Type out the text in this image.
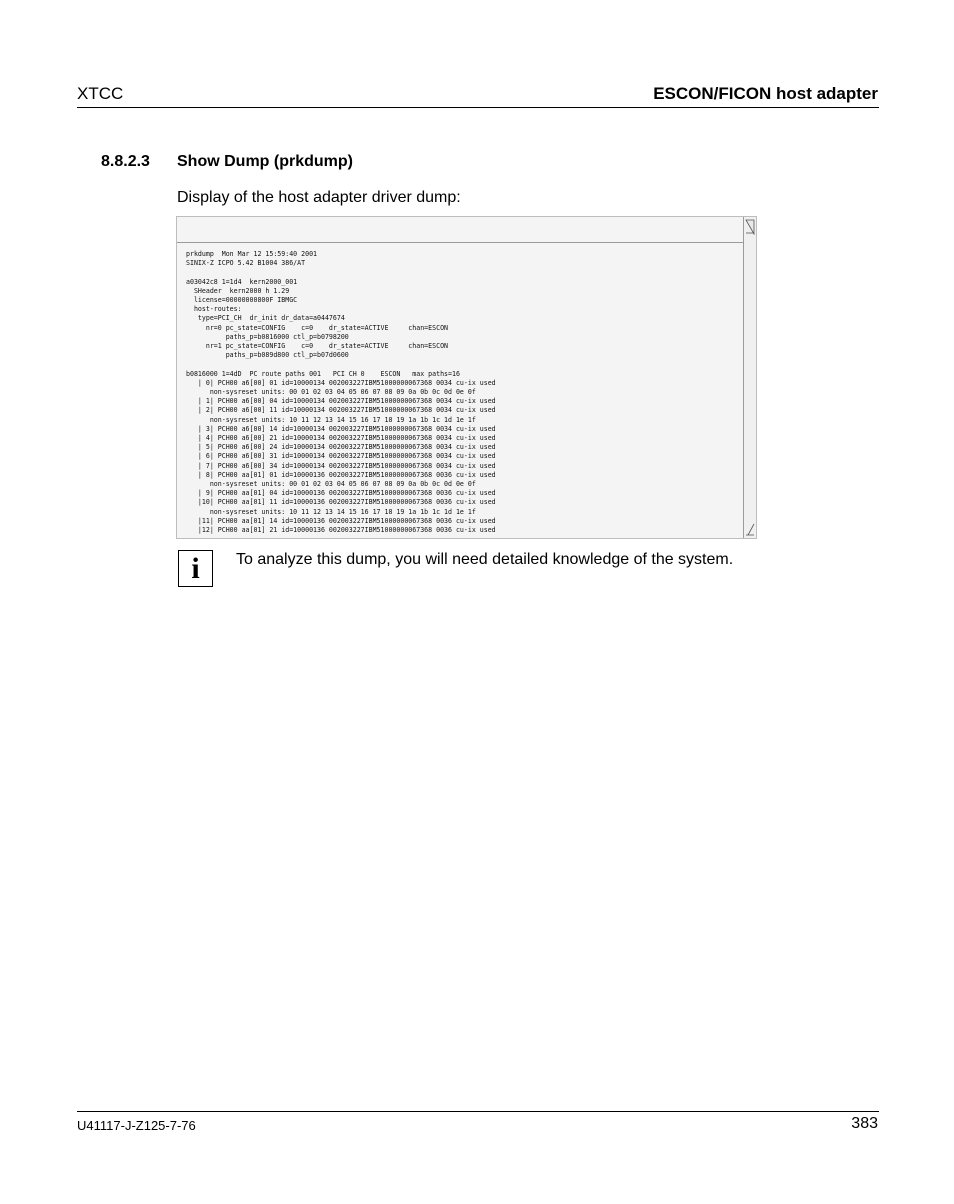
XTCC	ESCON/FICON host adapter
8.8.2.3 Show Dump (prkdump)
Display of the host adapter driver dump:
prkdump  Mon Mar 12 15:59:40 2001
SINIX-Z ICPO 5.42 B1004 386/AT

a03042c8 1=1d4  kern2000_001
SHeader  kern2000 h 1.29
license=00000000800F IBMGC
host-routes:
type=PCI_CH  dr_init dr_data=a0447674
nr=0 pc_state=CONFIG    c=0    dr_state=ACTIVE     chan=ESCON
paths_p=b0816000 ctl_p=b0798200
nr=1 pc_state=CONFIG    c=0    dr_state=ACTIVE     chan=ESCON
paths_p=b089d800 ctl_p=b07d0600

b0816000 1=4dD  PC route paths 001   PCI CH 0    ESCON   max paths=16
| 0| PCH00 a6[00] 01 id=10000134 002003227IBM51000000067368 0034 cu-ix used
non-sysreset units: 00 01 02 03 04 05 06 07 08 09 0a 0b 0c 0d 0e 0f
| 1| PCH00 a6[00] 04 id=10000134 002003227IBM51000000067368 0034 cu-ix used
| 2| PCH00 a6[00] 11 id=10000134 002003227IBM51000000067368 0034 cu-ix used
non-sysreset units: 10 11 12 13 14 15 16 17 18 19 1a 1b 1c 1d 1e 1f
| 3| PCH00 a6[00] 14 id=10000134 002003227IBM51000000067368 0034 cu-ix used
| 4| PCH00 a6[00] 21 id=10000134 002003227IBM51000000067368 0034 cu-ix used
| 5| PCH00 a6[00] 24 id=10000134 002003227IBM51000000067368 0034 cu-ix used
| 6| PCH00 a6[00] 31 id=10000134 002003227IBM51000000067368 0034 cu-ix used
| 7| PCH00 a6[00] 34 id=10000134 002003227IBM51000000067368 0034 cu-ix used
| 8| PCH00 aa[01] 01 id=10000136 002003227IBM51000000067368 0036 cu-ix used
non-sysreset units: 00 01 02 03 04 05 06 07 08 09 0a 0b 0c 0d 0e 0f
| 9| PCH00 aa[01] 04 id=10000136 002003227IBM51000000067368 0036 cu-ix used
|10| PCH00 aa[01] 11 id=10000136 002003227IBM51000000067368 0036 cu-ix used
non-sysreset units: 10 11 12 13 14 15 16 17 18 19 1a 1b 1c 1d 1e 1f
|11| PCH00 aa[01] 14 id=10000136 002003227IBM51000000067368 0036 cu-ix used
|12| PCH00 aa[01] 21 id=10000136 002003227IBM51000000067368 0036 cu-ix used
i	To analyze this dump, you will need detailed knowledge of the system.
U41117-J-Z125-7-76	383
